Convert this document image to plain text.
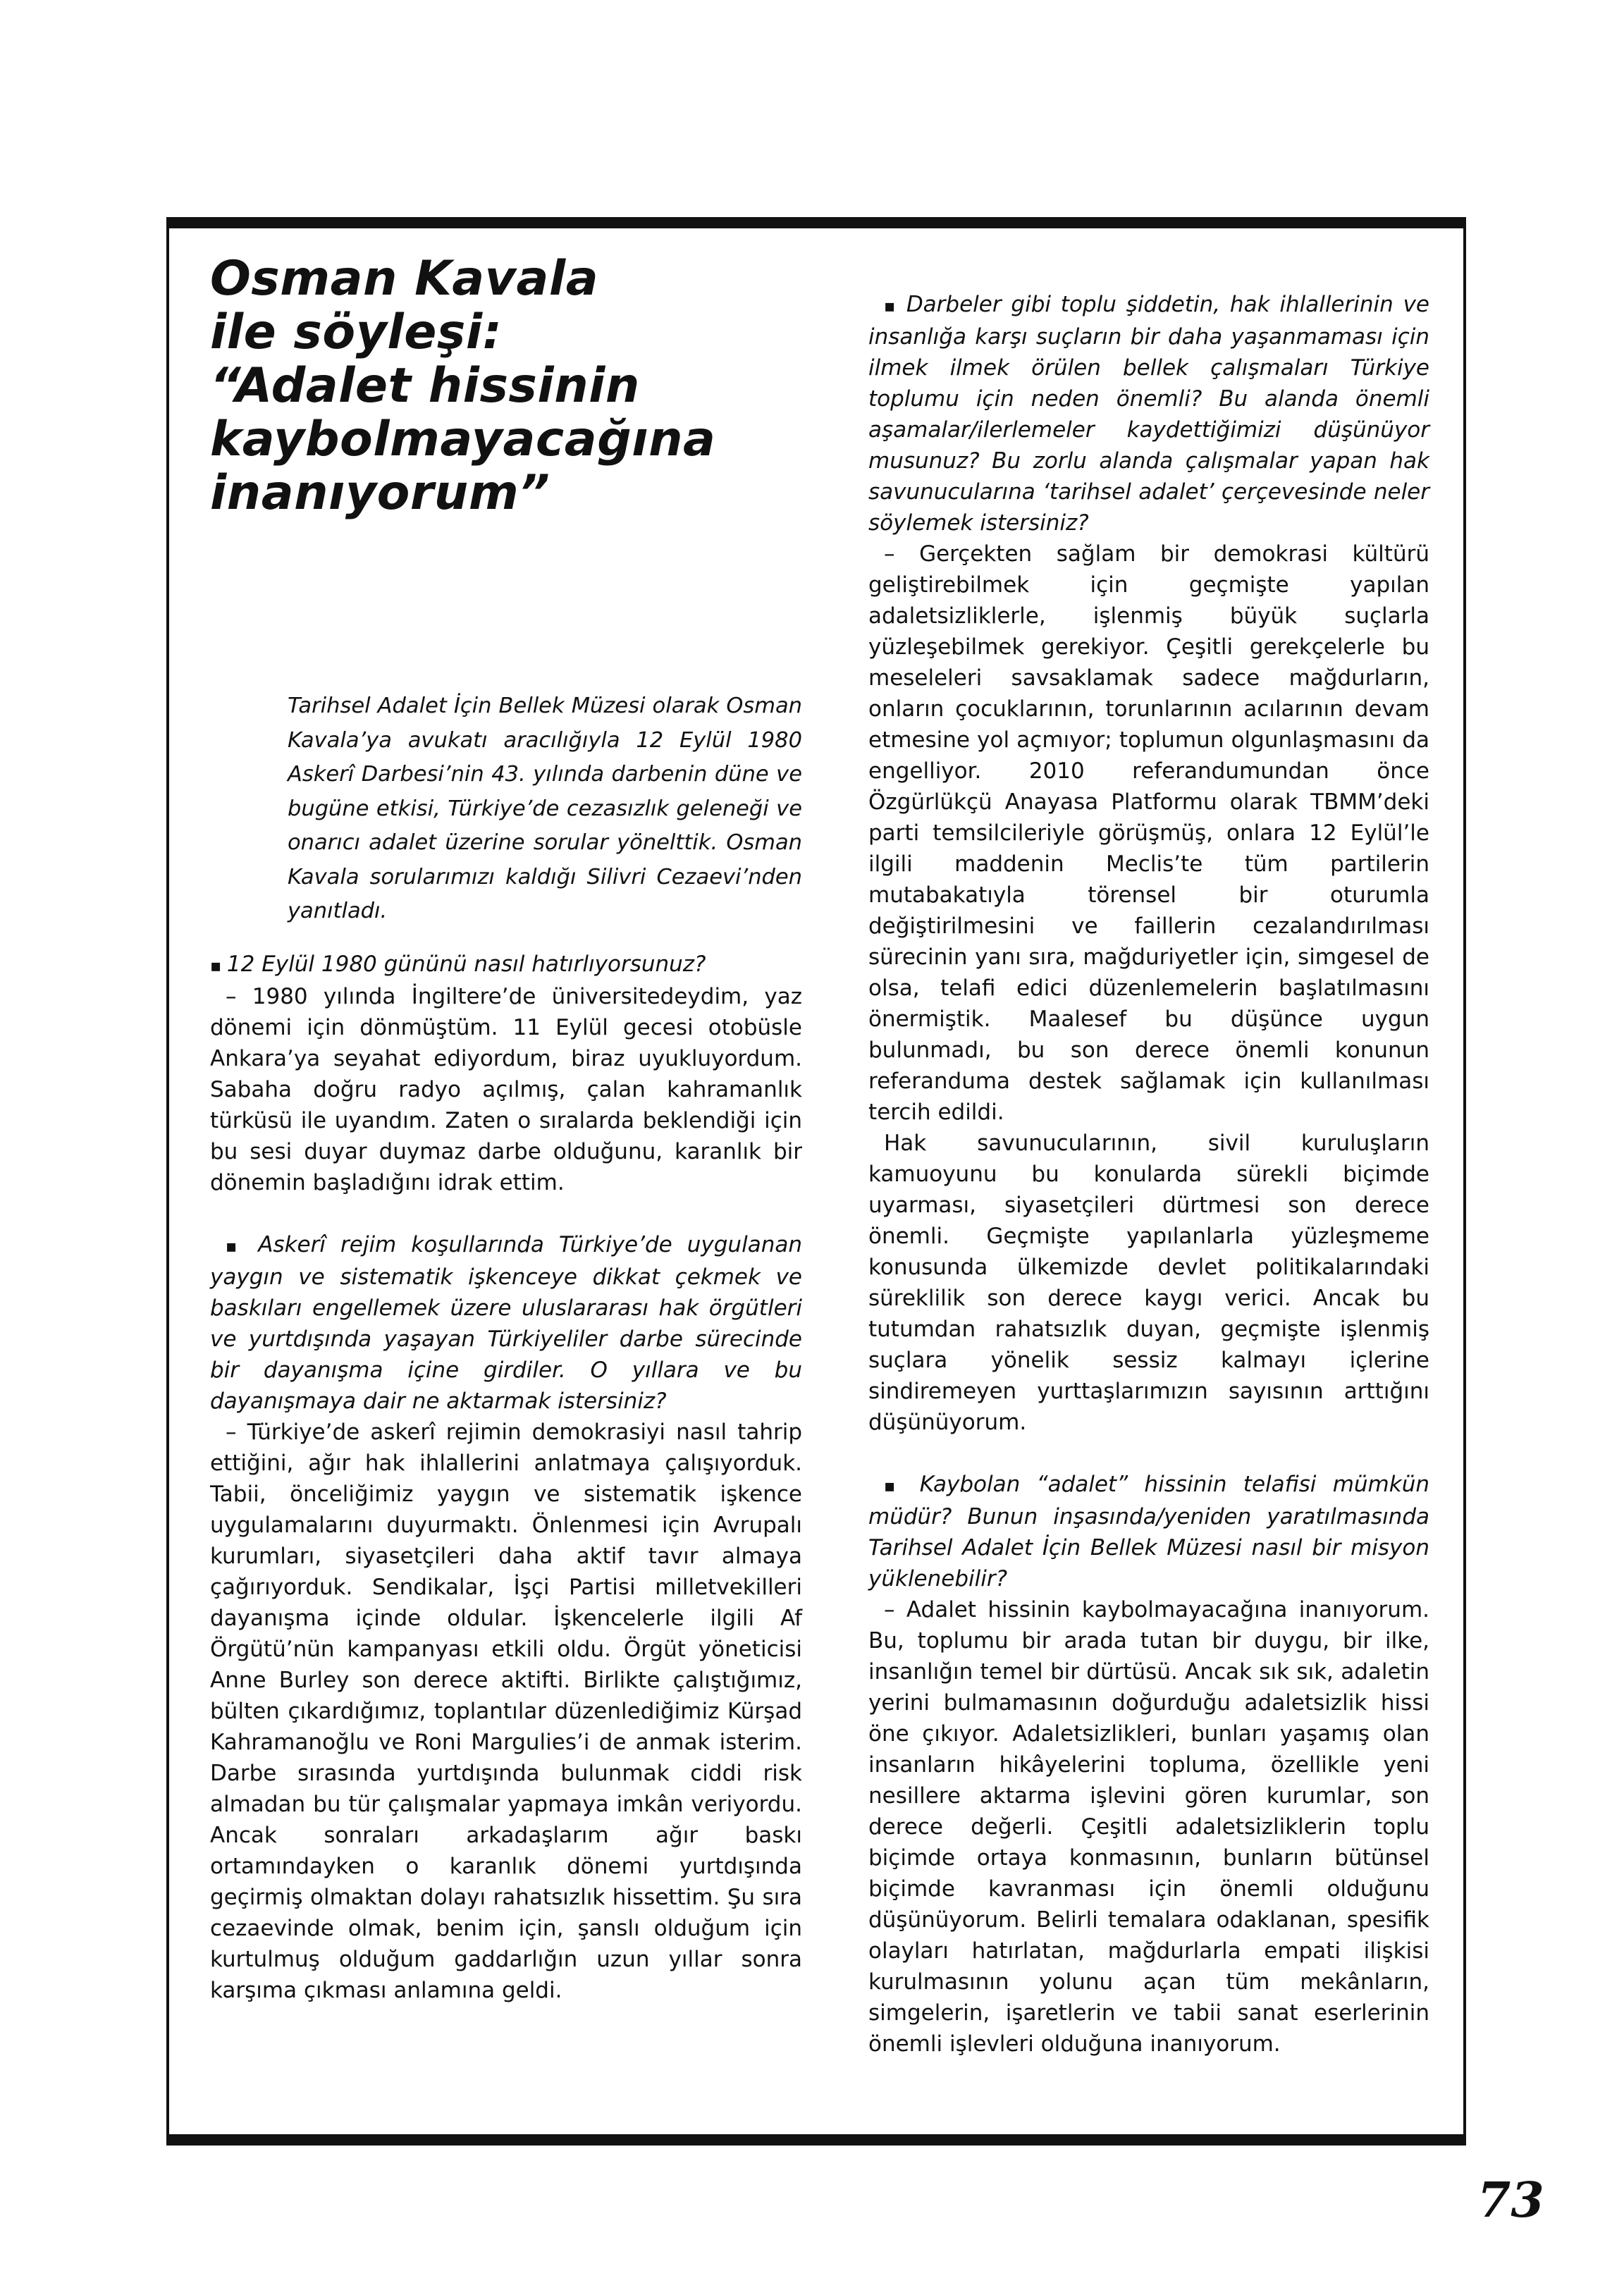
Osman Kavala
ile söyleşi:
“Adalet hissinin
kaybolmayacağına
inanıyorum”

Tarihsel Adalet İçin Bellek Müzesi olarak Osman Kavala’ya avukatı aracılığıyla 12 Eylül 1980 Askerî Darbesi’nin 43. yılında darbenin düne ve bugüne etkisi, Türkiye’de cezasızlık geleneği ve onarıcı adalet üzerine sorular yönelttik. Osman Kavala sorularımızı kaldığı Silivri Cezaevi’nden yanıtladı.

▪ 12 Eylül 1980 gününü nasıl hatırlıyorsunuz?

– 1980 yılında İngiltere’de üniversitedeydim, yaz dönemi için dönmüştüm. 11 Eylül gecesi otobüsle Ankara’ya seyahat ediyordum, biraz uyukluyordum. Sabaha doğru radyo açılmış, çalan kahramanlık türküsü ile uyandım. Zaten o sıralarda beklendiği için bu sesi duyar duymaz darbe olduğunu, karanlık bir dönemin başladığını idrak ettim.

▪ Askerî rejim koşullarında Türkiye’de uygulanan yaygın ve sistematik işkenceye dikkat çekmek ve baskıları engellemek üzere uluslararası hak örgütleri ve yurtdışında yaşayan Türkiyeliler darbe sürecinde bir dayanışma içine girdiler. O yıllara ve bu dayanışmaya dair ne aktarmak istersiniz?

– Türkiye’de askerî rejimin demokrasiyi nasıl tahrip ettiğini, ağır hak ihlallerini anlatmaya çalışıyorduk. Tabii, önceliğimiz yaygın ve sistematik işkence uygulamalarını duyurmaktı. Önlenmesi için Avrupalı kurumları, siyasetçileri daha aktif tavır almaya çağırıyorduk. Sendikalar, İşçi Partisi milletvekilleri dayanışma içinde oldular. İşkencelerle ilgili Af Örgütü’nün kampanyası etkili oldu. Örgüt yöneticisi Anne Burley son derece aktifti. Birlikte çalıştığımız, bülten çıkardığımız, toplantılar düzenlediğimiz Kürşad Kahramanoğlu ve Roni Margulies’i de anmak isterim. Darbe sırasında yurtdışında bulunmak ciddi risk almadan bu tür çalışmalar yapmaya imkân veriyordu. Ancak sonraları arkadaşlarım ağır baskı ortamındayken o karanlık dönemi yurtdışında geçirmiş olmaktan dolayı rahatsızlık hissettim. Şu sıra cezaevinde olmak, benim için, şanslı olduğum için kurtulmuş olduğum gaddarlığın uzun yıllar sonra karşıma çıkması anlamına geldi.

▪ Darbeler gibi toplu şiddetin, hak ihlallerinin ve insanlığa karşı suçların bir daha yaşanmaması için ilmek ilmek örülen bellek çalışmaları Türkiye toplumu için neden önemli? Bu alanda önemli aşamalar/ilerlemeler kaydettiğimizi düşünüyor musunuz? Bu zorlu alanda çalışmalar yapan hak savunucularına ‘tarihsel adalet’ çerçevesinde neler söylemek istersiniz?

– Gerçekten sağlam bir demokrasi kültürü geliştirebilmek için geçmişte yapılan adaletsizliklerle, işlenmiş büyük suçlarla yüzleşebilmek gerekiyor. Çeşitli gerekçelerle bu meseleleri savsaklamak sadece mağdurların, onların çocuklarının, torunlarının acılarının devam etmesine yol açmıyor; toplumun olgunlaşmasını da engelliyor. 2010 referandumundan önce Özgürlükçü Anayasa Platformu olarak TBMM’deki parti temsilcileriyle görüşmüş, onlara 12 Eylül’le ilgili maddenin Meclis’te tüm partilerin mutabakatıyla törensel bir oturumla değiştirilmesini ve faillerin cezalandırılması sürecinin yanı sıra, mağduriyetler için, simgesel de olsa, telafi edici düzenlemelerin başlatılmasını önermiştik. Maalesef bu düşünce uygun bulunmadı, bu son derece önemli konunun referanduma destek sağlamak için kullanılması tercih edildi.

Hak savunucularının, sivil kuruluşların kamuoyunu bu konularda sürekli biçimde uyarması, siyasetçileri dürtmesi son derece önemli. Geçmişte yapılanlarla yüzleşmeme konusunda ülkemizde devlet politikalarındaki süreklilik son derece kaygı verici. Ancak bu tutumdan rahatsızlık duyan, geçmişte işlenmiş suçlara yönelik sessiz kalmayı içlerine sindiremeyen yurttaşlarımızın sayısının arttığını düşünüyorum.

▪ Kaybolan “adalet” hissinin telafisi mümkün müdür? Bunun inşasında/yeniden yaratılmasında Tarihsel Adalet İçin Bellek Müzesi nasıl bir misyon yüklenebilir?

– Adalet hissinin kaybolmayacağına inanıyorum. Bu, toplumu bir arada tutan bir duygu, bir ilke, insanlığın temel bir dürtüsü. Ancak sık sık, adaletin yerini bulmamasının doğurduğu adaletsizlik hissi öne çıkıyor. Adaletsizlikleri, bunları yaşamış olan insanların hikâyelerini topluma, özellikle yeni nesillere aktarma işlevini gören kurumlar, son derece değerli. Çeşitli adaletsizliklerin toplu biçimde ortaya konmasının, bunların bütünsel biçimde kavranması için önemli olduğunu düşünüyorum. Belirli temalara odaklanan, spesifik olayları hatırlatan, mağdurlarla empati ilişkisi kurulmasının yolunu açan tüm mekânların, simgelerin, işaretlerin ve tabii sanat eserlerinin önemli işlevleri olduğuna inanıyorum.

73
